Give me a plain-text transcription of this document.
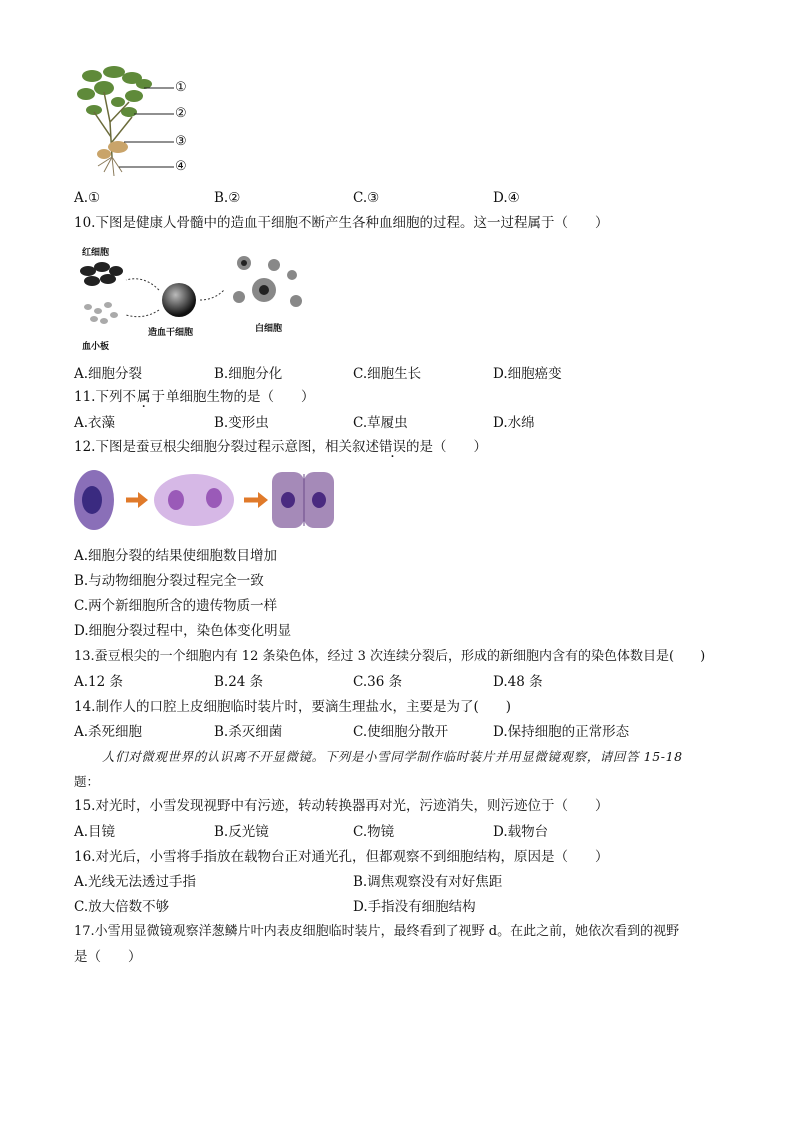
①
②
③
④
A.①	B.②	C.③	D.④
10.下图是健康人骨髓中的造血干细胞不断产生各种血细胞的过程。这一过程属于（　　）
红细胞
造血干细胞	白细胞
血小板
A.细胞分裂	B.细胞分化	C.细胞生长	D.细胞癌变
11.下列不属于单细胞生物的是（　　）
A.衣藻	B.变形虫	C.草履虫	D.水绵
12.下图是蚕豆根尖细胞分裂过程示意图，相关叙述错误的是（　　）
A.细胞分裂的结果使细胞数目增加
B.与动物细胞分裂过程完全一致
C.两个新细胞所含的遗传物质一样
D.细胞分裂过程中，染色体变化明显
13.蚕豆根尖的一个细胞内有 12 条染色体，经过 3 次连续分裂后，形成的新细胞内含有的染色体数目是(　　)
A.12 条	B.24 条	C.36 条	D.48 条
14.制作人的口腔上皮细胞临时装片时，要滴生理盐水，主要是为了(　　)
A.杀死细胞	B.杀灭细菌	C.使细胞分散开	D.保持细胞的正常形态
人们对微观世界的认识离不开显微镜。下列是小雪同学制作临时装片并用显微镜观察，请回答 15-18
题：
15.对光时，小雪发现视野中有污迹，转动转换器再对光，污迹消失，则污迹位于（　　）
A.目镜	B.反光镜	C.物镜	D.载物台
16.对光后，小雪将手指放在载物台正对通光孔，但都观察不到细胞结构，原因是（　　）
A.光线无法透过手指	B.调焦观察没有对好焦距
C.放大倍数不够	D.手指没有细胞结构
17.小雪用显微镜观察洋葱鳞片叶内表皮细胞临时装片，最终看到了视野 d。在此之前，她依次看到的视野
是（　　）
